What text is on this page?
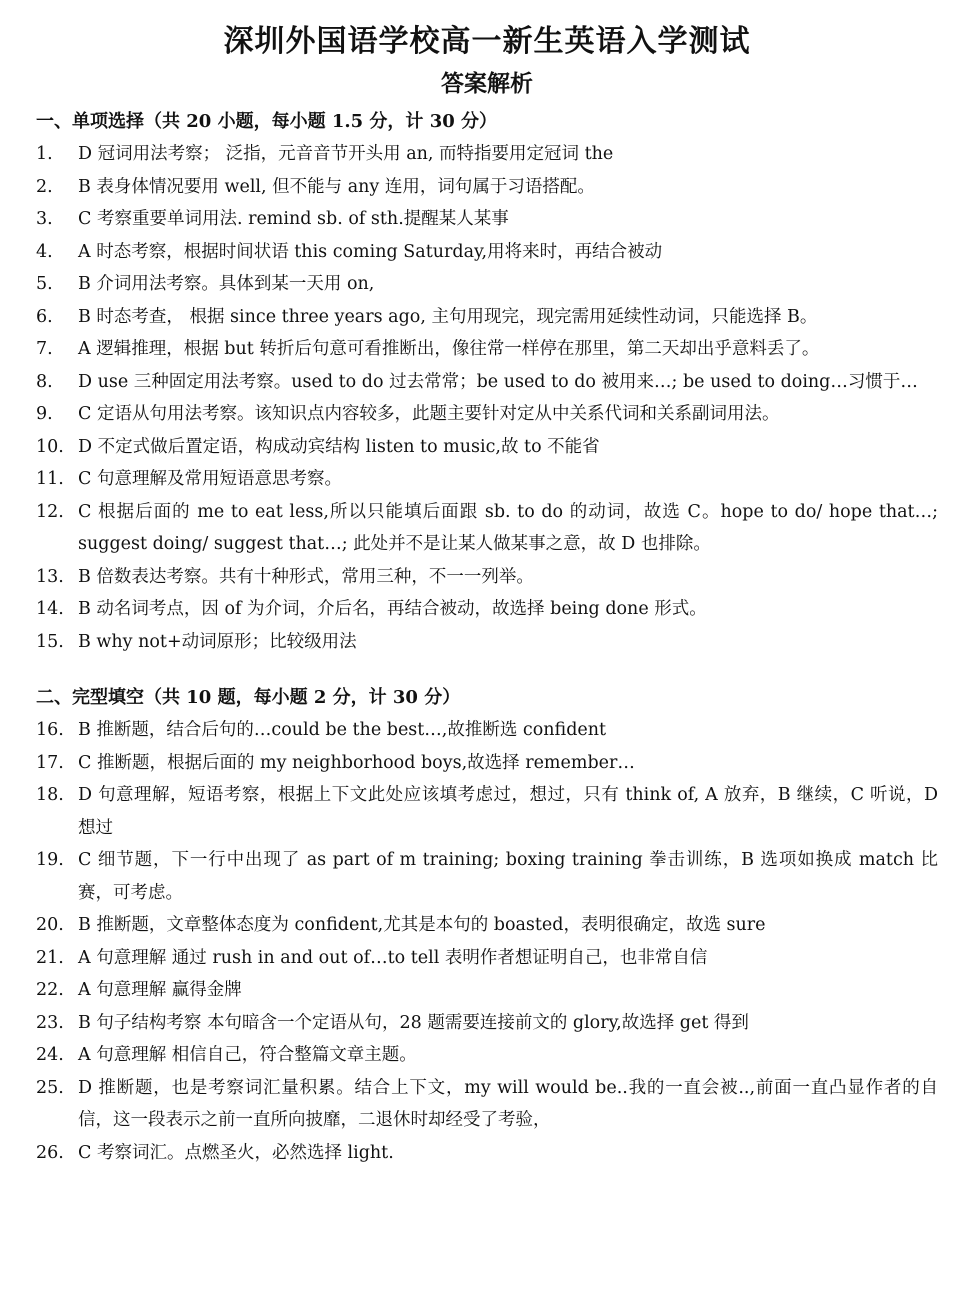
深圳外国语学校高一新生英语入学测试
答案解析
一、单项选择（共 20 小题，每小题 1.5 分，计 30 分）
1.	D 冠词用法考察； 泛指，元音音节开头用 an, 而特指要用定冠词 the
2.	B 表身体情况要用 well, 但不能与 any 连用，词句属于习语搭配。
3.	C 考察重要单词用法. remind sb. of sth.提醒某人某事
4.	A 时态考察，根据时间状语 this coming Saturday,用将来时，再结合被动
5.	B 介词用法考察。具体到某一天用 on,
6.	B 时态考查， 根据 since three years ago, 主句用现完，现完需用延续性动词，只能选择 B。
7.	A 逻辑推理，根据 but 转折后句意可看推断出，像往常一样停在那里，第二天却出乎意料丢了。
8.	D use 三种固定用法考察。used to do 过去常常；be used to do 被用来…; be used to doing…习惯于…
9.	C 定语从句用法考察。该知识点内容较多，此题主要针对定从中关系代词和关系副词用法。
10. D 不定式做后置定语，构成动宾结构 listen to music,故 to 不能省
11. C 句意理解及常用短语意思考察。
12. C 根据后面的 me to eat less,所以只能填后面跟 sb. to do 的动词，故选 C。hope to do/ hope that…; suggest doing/ suggest that…; 此处并不是让某人做某事之意，故 D 也排除。
13. B 倍数表达考察。共有十种形式，常用三种，不一一列举。
14. B 动名词考点，因 of 为介词，介后名，再结合被动，故选择 being done 形式。
15. B why not+动词原形；比较级用法
二、完型填空（共 10 题，每小题 2 分，计 30 分）
16. B 推断题，结合后句的…could be the best…,故推断选 confident
17. C 推断题，根据后面的 my neighborhood boys,故选择 remember…
18. D 句意理解，短语考察，根据上下文此处应该填考虑过，想过，只有 think of, A 放弃，B 继续，C 听说，D 想过
19. C 细节题，下一行中出现了 as part of m training; boxing training 拳击训练，B 选项如换成 match 比赛，可考虑。
20. B 推断题，文章整体态度为 confident,尤其是本句的 boasted，表明很确定，故选 sure
21. A 句意理解 通过 rush in and out of…to tell 表明作者想证明自己，也非常自信
22. A 句意理解 赢得金牌
23. B 句子结构考察 本句暗含一个定语从句，28 题需要连接前文的 glory,故选择 get 得到
24. A 句意理解 相信自己，符合整篇文章主题。
25. D 推断题，也是考察词汇量积累。结合上下文，my will would be..我的一直会被..,前面一直凸显作者的自信，这一段表示之前一直所向披靡，二退休时却经受了考验，
26. C 考察词汇。点燃圣火，必然选择 light.
